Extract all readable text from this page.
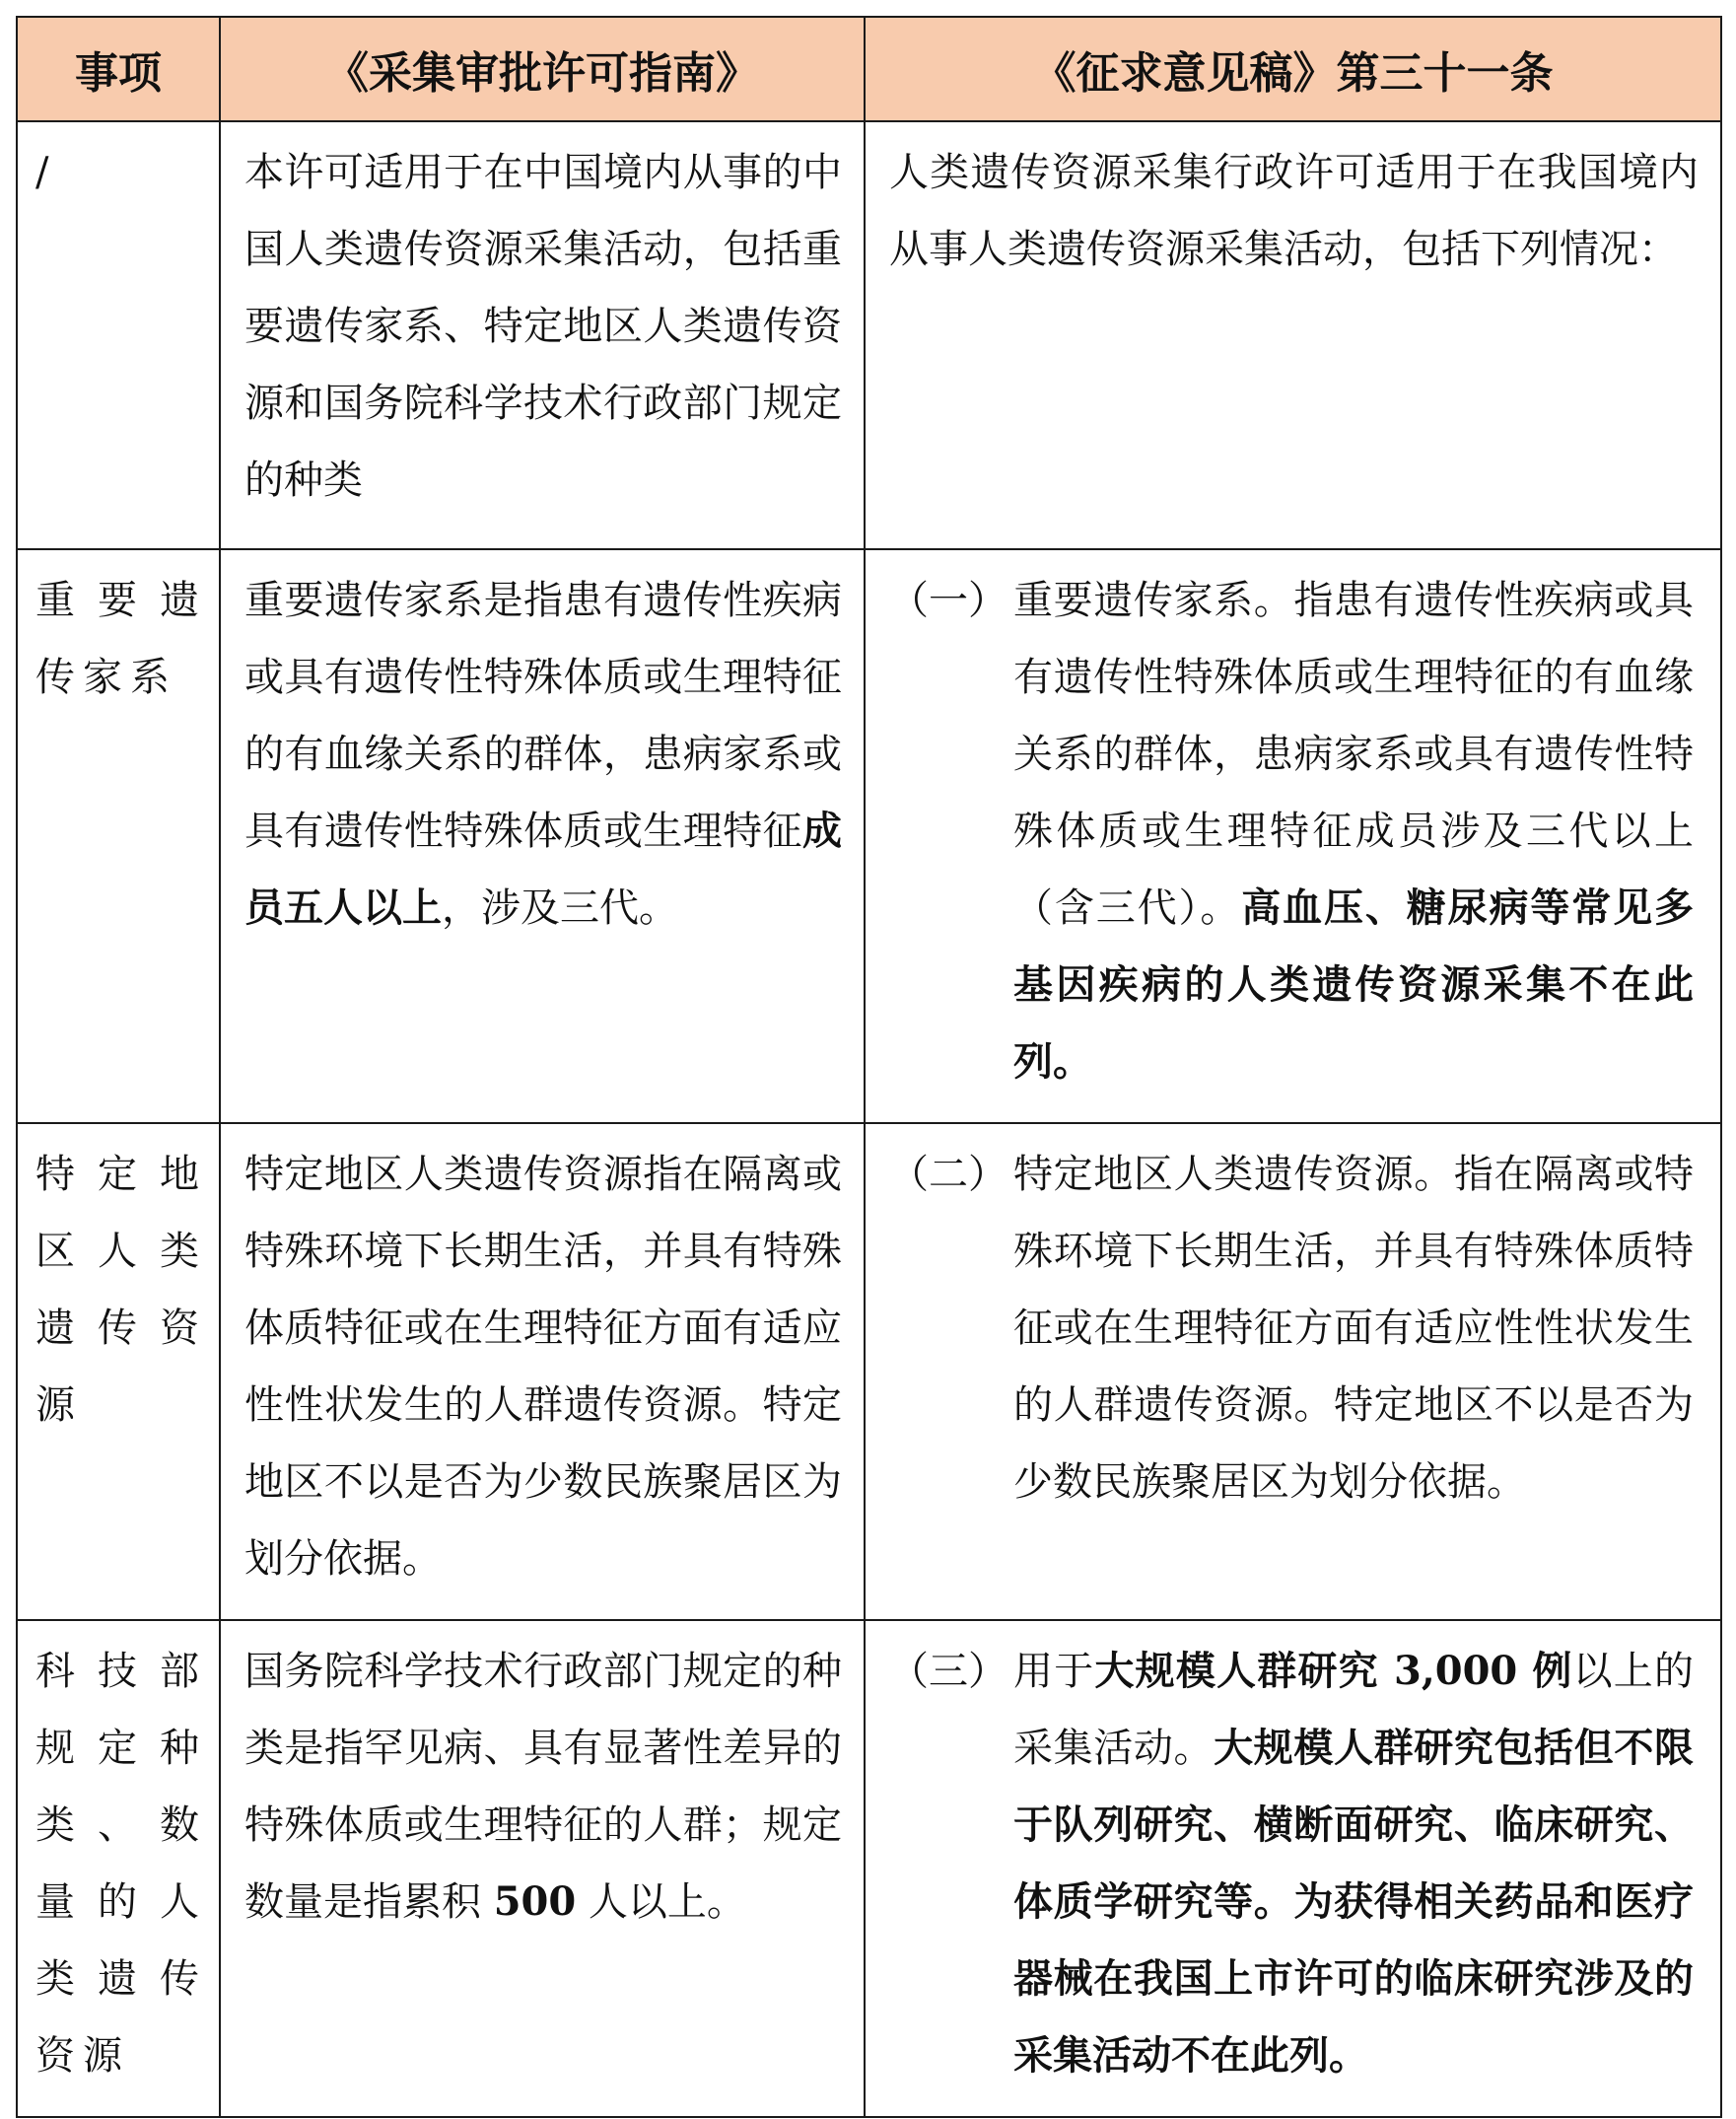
事项	《采集审批许可指南》	《征求意见稿》第三十一条
/	本许可适用于在中国境内从事的中国人类遗传资源采集活动，包括重要遗传家系、特定地区人类遗传资源和国务院科学技术行政部门规定的种类	人类遗传资源采集行政许可适用于在我国境内从事人类遗传资源采集活动，包括下列情况：
重要遗传家系	重要遗传家系是指患有遗传性疾病或具有遗传性特殊体质或生理特征的有血缘关系的群体，患病家系或具有遗传性特殊体质或生理特征成员五人以上，涉及三代。	（一） 重要遗传家系。指患有遗传性疾病或具有遗传性特殊体质或生理特征的有血缘关系的群体，患病家系或具有遗传性特殊体质或生理特征成员涉及三代以上（含三代）。高血压、糖尿病等常见多基因疾病的人类遗传资源采集不在此列。
特定地区人类遗传资源	特定地区人类遗传资源指在隔离或特殊环境下长期生活，并具有特殊体质特征或在生理特征方面有适应性性状发生的人群遗传资源。特定地区不以是否为少数民族聚居区为划分依据。	（二） 特定地区人类遗传资源。指在隔离或特殊环境下长期生活，并具有特殊体质特征或在生理特征方面有适应性性状发生的人群遗传资源。特定地区不以是否为少数民族聚居区为划分依据。
科技部规定种类、数量的人类遗传资源	国务院科学技术行政部门规定的种类是指罕见病、具有显著性差异的特殊体质或生理特征的人群；规定数量是指累积 500 人以上。	（三） 用于大规模人群研究 3,000 例以上的采集活动。大规模人群研究包括但不限于队列研究、横断面研究、临床研究、体质学研究等。为获得相关药品和医疗器械在我国上市许可的临床研究涉及的采集活动不在此列。
